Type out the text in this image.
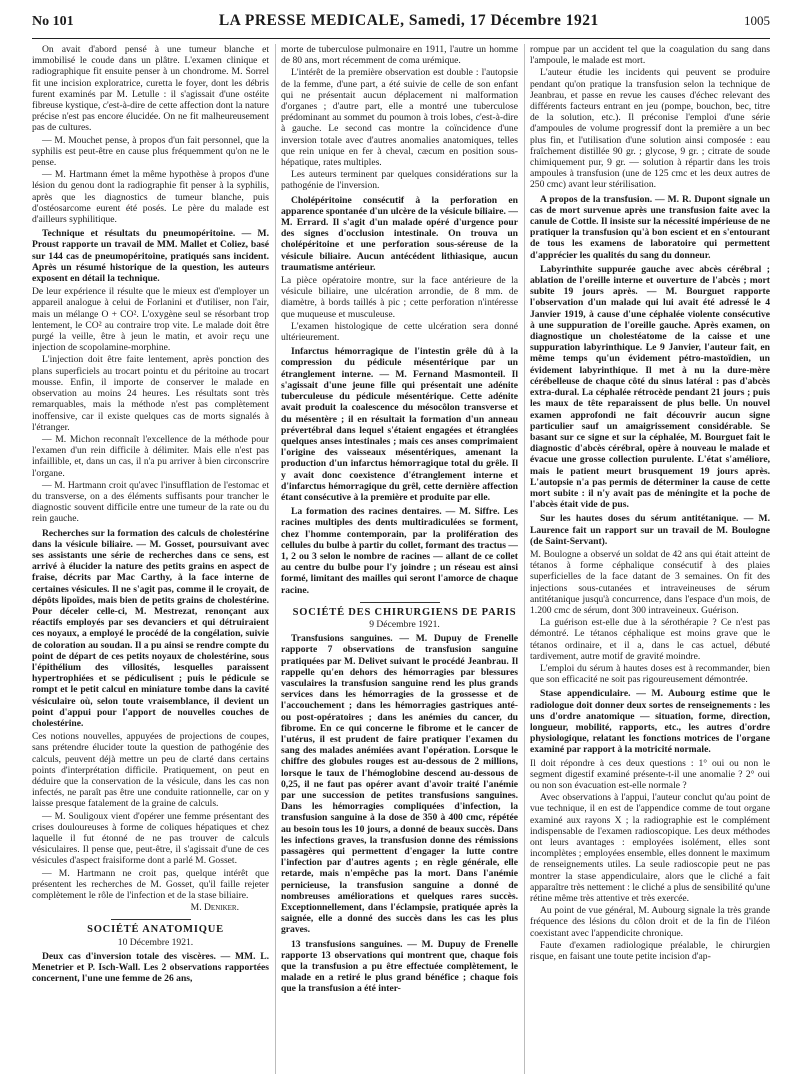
No 101	LA PRESSE MEDICALE, Samedi, 17 Décembre 1921	1005

On avait d'abord pensé à une tumeur blanche et immobilisé le coude dans un plâtre. L'examen clinique et radiographique fit ensuite penser à un chondrome. M. Sorrel fit une incision exploratrice, curetta le foyer, dont les débris furent examinés par M. Letulle : il s'agissait d'une ostéite fibreuse kystique, c'est-à-dire de cette affection dont la nature précise n'est pas encore élucidée. On ne fit malheureusement pas de cultures.

— M. Mouchet pense, à propos d'un fait personnel, que la syphilis est peut-être en cause plus fréquemment qu'on ne le pense.

— M. Hartmann émet la même hypothèse à propos d'une lésion du genou dont la radiographie fit penser à la syphilis, après que les diagnostics de tumeur blanche, puis d'ostéosarcome eurent été posés. Le père du malade est d'ailleurs syphilitique.

Technique et résultats du pneumopéritoine. — M. Proust rapporte un travail de MM. Mallet et Coliez, basé sur 144 cas de pneumopéritoine, pratiqués sans incident. Après un résumé historique de la question, les auteurs exposent en détail la technique.

De leur expérience il résulte que le mieux est d'employer un appareil analogue à celui de Forlanini et d'utiliser, non l'air, mais un mélange O + CO². L'oxygène seul se résorbant trop lentement, le CO² au contraire trop vite. Le malade doit être purgé la veille, être à jeun le matin, et avoir reçu une injection de scopolamine-morphine.

L'injection doit être faite lentement, après ponction des plans superficiels au trocart pointu et du péritoine au trocart mousse. Enfin, il importe de conserver le malade en observation au moins 24 heures. Les résultats sont très remarquables, mais la méthode n'est pas complètement inoffensive, car il existe quelques cas de morts signalés à l'étranger.

— M. Michon reconnaît l'excellence de la méthode pour l'examen d'un rein difficile à délimiter. Mais elle n'est pas infaillible, et, dans un cas, il n'a pu arriver à bien circonscrire l'organe.

— M. Hartmann croit qu'avec l'insufflation de l'estomac et du transverse, on a des éléments suffisants pour trancher le diagnostic souvent difficile entre une tumeur de la rate ou du rein gauche.

Recherches sur la formation des calculs de cholestérine dans la vésicule biliaire. — M. Gosset, poursuivant avec ses assistants une série de recherches dans ce sens, est arrivé à élucider la nature des petits grains en aspect de fraise, décrits par Mac Carthy, à la face interne de certaines vésicules. Il ne s'agit pas, comme il le croyait, de dépôts lipoïdes, mais bien de petits grains de cholestérine. Pour déceler celle-ci, M. Mestrezat, renonçant aux réactifs employés par ses devanciers et qui détruiraient ces noyaux, a employé le procédé de la congélation, suivie de coloration au soudan. Il a pu ainsi se rendre compte du point de départ de ces petits noyaux de cholestérine, sous l'épithélium des villosités, lesquelles paraissent hypertrophiées et se pédiculisent ; puis le pédicule se rompt et le petit calcul en miniature tombe dans la cavité vésiculaire où, selon toute vraisemblance, il devient un point d'appui pour l'apport de nouvelles couches de cholestérine.

Ces notions nouvelles, appuyées de projections de coupes, sans prétendre élucider toute la question de pathogénie des calculs, peuvent déjà mettre un peu de clarté dans certains points d'interprétation difficile. Pratiquement, on peut en déduire que la conservation de la vésicule, dans les cas non infectés, ne paraît pas être une conduite rationnelle, car on y laisse presque fatalement de la graine de calculs.

— M. Souligoux vient d'opérer une femme présentant des crises douloureuses à forme de coliques hépatiques et chez laquelle il fut étonné de ne pas trouver de calculs vésiculaires. Il pense que, peut-être, il s'agissait d'une de ces vésicules d'aspect fraisiforme dont a parlé M. Gosset.

— M. Hartmann ne croit pas, quelque intérêt que présentent les recherches de M. Gosset, qu'il faille rejeter complètement le rôle de l'infection et de la stase biliaire.

M. Deniker.

SOCIÉTÉ ANATOMIQUE

10 Décembre 1921.

Deux cas d'inversion totale des viscères. — MM. L. Menetrier et P. Isch-Wall. Les 2 observations rapportées concernent, l'une une femme de 26 ans,

morte de tuberculose pulmonaire en 1911, l'autre un homme de 80 ans, mort récemment de coma urémique.

L'intérêt de la première observation est double : l'autopsie de la femme, d'une part, a été suivie de celle de son enfant qui ne présentait aucun déplacement ni malformation d'organes ; d'autre part, elle a montré une tuberculose prédominant au sommet du poumon à trois lobes, c'est-à-dire à gauche. Le second cas montre la coïncidence d'une inversion totale avec d'autres anomalies anatomiques, telles que rein unique en fer à cheval, cæcum en position sous-hépatique, rates multiples.

Les auteurs terminent par quelques considérations sur la pathogénie de l'inversion.

Cholépéritoine consécutif à la perforation en apparence spontanée d'un ulcère de la vésicule biliaire. — M. Errard. Il s'agit d'un malade opéré d'urgence pour des signes d'occlusion intestinale. On trouva un cholépéritoine et une perforation sous-séreuse de la vésicule biliaire. Aucun antécédent lithiasique, aucun traumatisme antérieur.

La pièce opératoire montre, sur la face antérieure de la vésicule biliaire, une ulcération arrondie, de 8 mm. de diamètre, à bords taillés à pic ; cette perforation n'intéresse que muqueuse et musculeuse.

L'examen histologique de cette ulcération sera donné ultérieurement.

Infarctus hémorragique de l'intestin grêle dû à la compression du pédicule mésentérique par un étranglement interne. — M. Fernand Masmonteil. Il s'agissait d'une jeune fille qui présentait une adénite tuberculeuse du pédicule mésentérique. Cette adénite avait produit la coalescence du mésocôlon transverse et du mésentère ; il en résultait la formation d'un anneau prévertébral dans lequel s'étaient engagées et étranglées quelques anses intestinales ; mais ces anses comprimaient l'origine des vaisseaux mésentériques, amenant la production d'un infarctus hémorragique total du grêle. Il y avait donc coexistence d'étranglement interne et d'infarctus hémorragique du grêl, cette dernière affection étant consécutive à la première et produite par elle.
La formation des racines dentaires. — M. Siffre. Les racines multiples des dents multiradiculées se forment, chez l'homme contemporain, par la prolifération des cellules du bulbe à partir du collet, formant des tractus — 1, 2 ou 3 selon le nombre de racines — allant de ce collet au centre du bulbe pour l'y joindre ; un réseau est ainsi formé, limitant des mailles qui seront l'amorce de chaque racine.

SOCIÉTÉ DES CHIRURGIENS DE PARIS

9 Décembre 1921.

Transfusions sanguines. — M. Dupuy de Frenelle rapporte 7 observations de transfusion sanguine pratiquées par M. Delivet suivant le procédé Jeanbrau. Il rappelle qu'en dehors des hémorragies par blessures vasculaires la transfusion sanguine rend les plus grands services dans les hémorragies de la grossesse et de l'accouchement ; dans les hémorragies gastriques anté- ou post-opératoires ; dans les anémies du cancer, du fibrome. En ce qui concerne le fibrome et le cancer de l'utérus, il est prudent de faire pratiquer l'examen du sang des malades anémiées avant l'opération. Lorsque le chiffre des globules rouges est au-dessous de 2 millions, lorsque le taux de l'hémoglobine descend au-dessous de 0,25, il ne faut pas opérer avant d'avoir traité l'anémie par une succession de petites transfusions sanguines. Dans les hémorragies compliquées d'infection, la transfusion sanguine à la dose de 350 à 400 cmc, répétée au besoin tous les 10 jours, a donné de beaux succès. Dans les infections graves, la transfusion donne des rémissions passagères qui permettent d'engager la lutte contre l'infection par d'autres agents ; en règle générale, elle retarde, mais n'empêche pas la mort. Dans l'anémie pernicieuse, la transfusion sanguine a donné de nombreuses améliorations et quelques rares succès. Exceptionnellement, dans l'éclampsie, pratiquée après la saignée, elle a donné des succès dans les cas les plus graves.
13 transfusions sanguines. — M. Dupuy de Frenelle rapporte 13 observations qui montrent que, chaque fois que la transfusion a pu être effectuée complètement, le malade en a retiré le plus grand bénéfice ; chaque fois que la transfusion a été inter-

rompue par un accident tel que la coagulation du sang dans l'ampoule, le malade est mort.

L'auteur étudie les incidents qui peuvent se produire pendant qu'on pratique la transfusion selon la technique de Jeanbrau, et passe en revue les causes d'échec relevant des différents facteurs entrant en jeu (pompe, bouchon, bec, titre de la solution, etc.). Il préconise l'emploi d'une série d'ampoules de volume progressif dont la première a un bec plus fin, et l'utilisation d'une solution ainsi composée : eau fraîchement distillée 90 gr. ; glycose, 9 gr. ; citrate de soude chimiquement pur, 9 gr. — solution à répartir dans les trois ampoules à transfusion (une de 125 cmc et les deux autres de 250 cmc) avant leur stérilisation.

A propos de la transfusion. — M. R. Dupont signale un cas de mort survenue après une transfusion faite avec la canule de Cottle. Il insiste sur la nécessité impérieuse de ne pratiquer la transfusion qu'à bon escient et en s'entourant de tous les examens de laboratoire qui permettent d'apprécier les qualités du sang du donneur.
Labyrinthite suppurée gauche avec abcès cérébral ; ablation de l'oreille interne et ouverture de l'abcès ; mort subite 19 jours après. — M. Bourguet rapporte l'observation d'un malade qui lui avait été adressé le 4 Janvier 1919, à cause d'une céphalée violente consécutive à une suppuration de l'oreille gauche. Après examen, on diagnostique un cholestéatome de la caisse et une suppuration labyrinthique. Le 9 Janvier, l'auteur fait, en même temps qu'un évidement pétro-mastoïdien, un évidement labyrinthique. Il met à nu la dure-mère cérébelleuse de chaque côté du sinus latéral : pas d'abcès extra-dural. La céphalée rétrocède pendant 21 jours ; puis les maux de tête reparaissent de plus belle. Un nouvel examen approfondi ne fait découvrir aucun signe particulier sauf un amaigrissement considérable. Se basant sur ce signe et sur la céphalée, M. Bourguet fait le diagnostic d'abcès cérébral, opère à nouveau le malade et évacue une grosse collection purulente. L'état s'améliore, mais le patient meurt brusquement 19 jours après. L'autopsie n'a pas permis de déterminer la cause de cette mort subite : il n'y avait pas de méningite et la poche de l'abcès était vide de pus.
Sur les hautes doses du sérum antitétanique. — M. Laurence fait un rapport sur un travail de M. Boulogne (de Saint-Servant).

M. Boulogne a observé un soldat de 42 ans qui était atteint de tétanos à forme céphalique consécutif à des plaies superficielles de la face datant de 3 semaines. On fit des injections sous-cutanées et intraveineuses de sérum antitétanique jusqu'à concurrence, dans l'espace d'un mois, de 1.200 cmc de sérum, dont 300 intraveineux. Guérison.

La guérison est-elle due à la sérothérapie ? Ce n'est pas démontré. Le tétanos céphalique est moins grave que le tétanos ordinaire, et il a, dans le cas actuel, débuté tardivement, autre motif de gravité moindre.

L'emploi du sérum à hautes doses est à recommander, bien que son efficacité ne soit pas rigoureusement démontrée.

Stase appendiculaire. — M. Aubourg estime que le radiologue doit donner deux sortes de renseignements : les uns d'ordre anatomique — situation, forme, direction, longueur, mobilité, rapports, etc., les autres d'ordre physiologique, relatant les fonctions motrices de l'organe examiné par rapport à la motricité normale.

Il doit répondre à ces deux questions : 1° oui ou non le segment digestif examiné présente-t-il une anomalie ? 2° oui ou non son évacuation est-elle normale ?

Avec observations à l'appui, l'auteur conclut qu'au point de vue technique, il en est de l'appendice comme de tout organe examiné aux rayons X ; la radiographie est le complément indispensable de l'examen radioscopique. Les deux méthodes ont leurs avantages : employées isolément, elles sont incomplètes ; employées ensemble, elles donnent le maximum de renseignements utiles. La seule radioscopie peut ne pas montrer la stase appendiculaire, alors que le cliché a fait apparaître très nettement : le cliché a plus de sensibilité qu'une rétine même très attentive et très exercée.

Au point de vue général, M. Aubourg signale la très grande fréquence des lésions du côlon droit et de la fin de l'iléon coexistant avec l'appendicite chronique.

Faute d'examen radiologique préalable, le chirurgien risque, en faisant une toute petite incision d'ap-
